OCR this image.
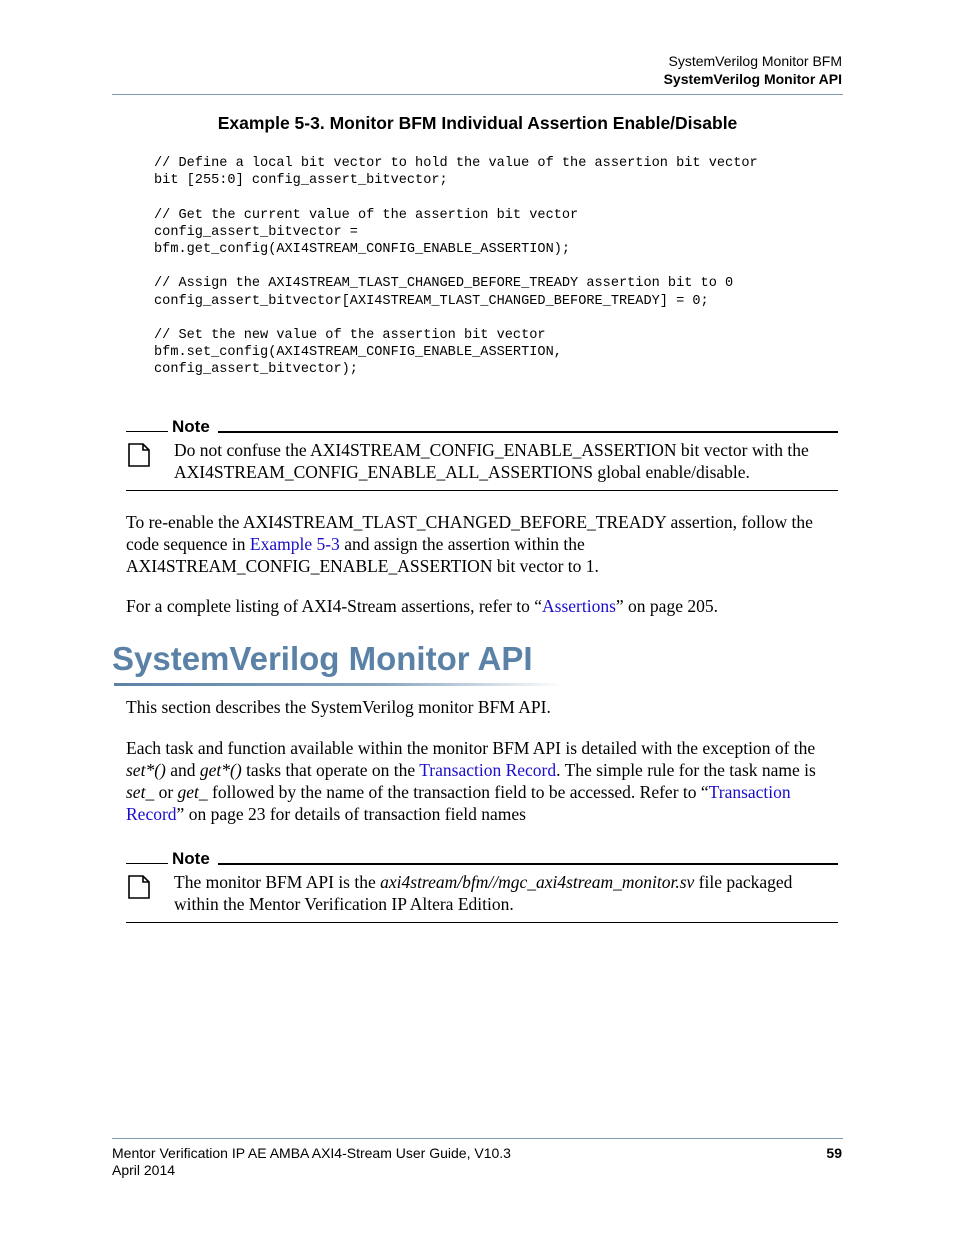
SystemVerilog Monitor BFM
SystemVerilog Monitor API
Example 5-3. Monitor BFM Individual Assertion Enable/Disable
// Define a local bit vector to hold the value of the assertion bit vector
bit [255:0] config_assert_bitvector;

// Get the current value of the assertion bit vector
config_assert_bitvector =
bfm.get_config(AXI4STREAM_CONFIG_ENABLE_ASSERTION);

// Assign the AXI4STREAM_TLAST_CHANGED_BEFORE_TREADY assertion bit to 0
config_assert_bitvector[AXI4STREAM_TLAST_CHANGED_BEFORE_TREADY] = 0;

// Set the new value of the assertion bit vector
bfm.set_config(AXI4STREAM_CONFIG_ENABLE_ASSERTION,
config_assert_bitvector);
Note
Do not confuse the AXI4STREAM_CONFIG_ENABLE_ASSERTION bit vector with the AXI4STREAM_CONFIG_ENABLE_ALL_ASSERTIONS global enable/disable.
To re-enable the AXI4STREAM_TLAST_CHANGED_BEFORE_TREADY assertion, follow the code sequence in Example 5-3 and assign the assertion within the AXI4STREAM_CONFIG_ENABLE_ASSERTION bit vector to 1.
For a complete listing of AXI4-Stream assertions, refer to “Assertions” on page 205.
SystemVerilog Monitor API
This section describes the SystemVerilog monitor BFM API.
Each task and function available within the monitor BFM API is detailed with the exception of the set*() and get*() tasks that operate on the Transaction Record. The simple rule for the task name is set_ or get_ followed by the name of the transaction field to be accessed. Refer to “Transaction Record” on page 23 for details of transaction field names
Note
The monitor BFM API is the axi4stream/bfm//mgc_axi4stream_monitor.sv file packaged within the Mentor Verification IP Altera Edition.
Mentor Verification IP AE AMBA AXI4-Stream User Guide, V10.3
April 2014
59
